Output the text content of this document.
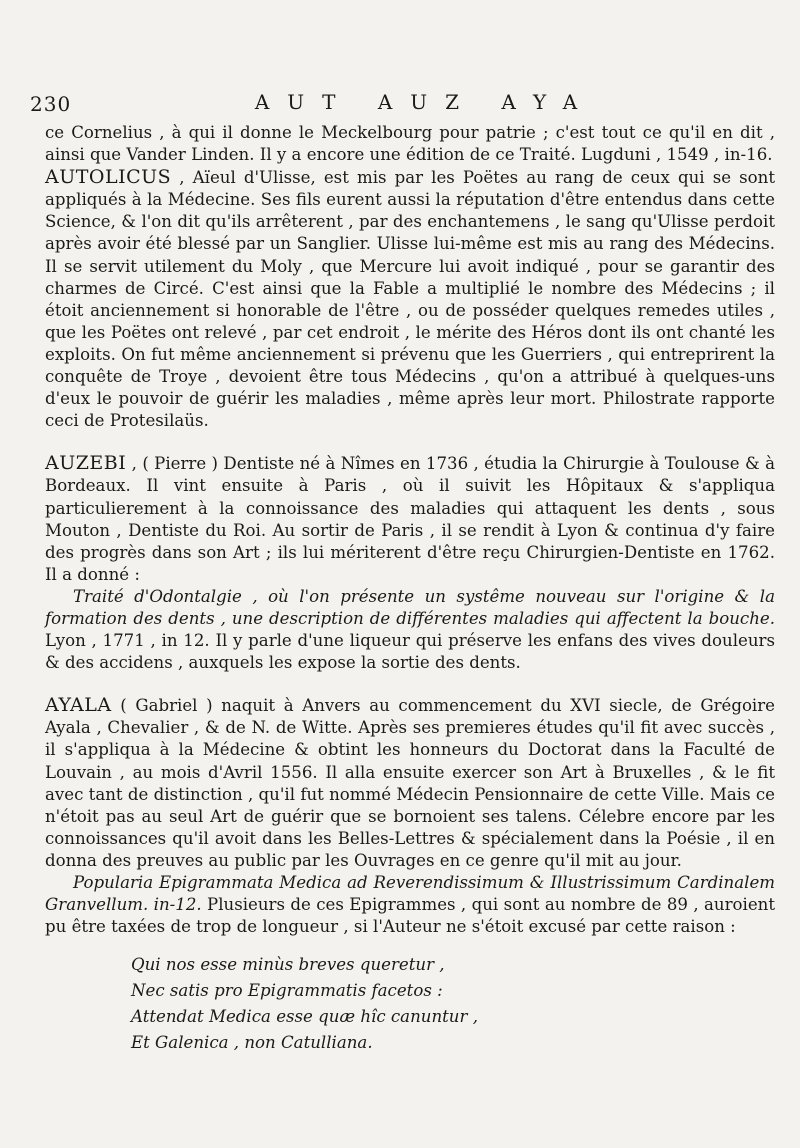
230	AUT AUZ AYA

ce Cornelius , à qui il donne le Meckelbourg pour patrie ; c'est tout ce qu'il en dit , ainsi que Vander Linden. Il y a encore une édition de ce Traité. Lugduni , 1549 , in-16.

AUTOLICUS , Aïeul d'Ulisse, est mis par les Poëtes au rang de ceux qui se sont appliqués à la Médecine. Ses fils eurent aussi la réputation d'être entendus dans cette Science, & l'on dit qu'ils arrêterent , par des enchantemens , le sang qu'Ulisse perdoit après avoir été blessé par un Sanglier. Ulisse lui-même est mis au rang des Médecins. Il se servit utilement du Moly , que Mercure lui avoit indiqué , pour se garantir des charmes de Circé. C'est ainsi que la Fable a multiplié le nombre des Médecins ; il étoit anciennement si honorable de l'être , ou de posséder quelques remedes utiles , que les Poëtes ont relevé , par cet endroit , le mérite des Héros dont ils ont chanté les exploits. On fut même anciennement si prévenu que les Guerriers , qui entreprirent la conquête de Troye , devoient être tous Médecins , qu'on a attribué à quelques-uns d'eux le pouvoir de guérir les maladies , même après leur mort. Philostrate rapporte ceci de Protesilaüs.

AUZEBI , ( Pierre ) Dentiste né à Nîmes en 1736 , étudia la Chirurgie à Toulouse & à Bordeaux. Il vint ensuite à Paris , où il suivit les Hôpitaux & s'appliqua particulierement à la connoissance des maladies qui attaquent les dents , sous Mouton , Dentiste du Roi. Au sortir de Paris , il se rendit à Lyon & continua d'y faire des progrès dans son Art ; ils lui mériterent d'être reçu Chirurgien-Dentiste en 1762. Il a donné :

Traité d'Odontalgie , où l'on présente un systême nouveau sur l'origine & la formation des dents , une description de différentes maladies qui affectent la bouche. Lyon , 1771 , in 12. Il y parle d'une liqueur qui préserve les enfans des vives douleurs & des accidens , auxquels les expose la sortie des dents.

AYALA ( Gabriel ) naquit à Anvers au commencement du XVI siecle, de Grégoire Ayala , Chevalier , & de N. de Witte. Après ses premieres études qu'il fit avec succès , il s'appliqua à la Médecine & obtint les honneurs du Doctorat dans la Faculté de Louvain , au mois d'Avril 1556. Il alla ensuite exercer son Art à Bruxelles , & le fit avec tant de distinction , qu'il fut nommé Médecin Pensionnaire de cette Ville. Mais ce n'étoit pas au seul Art de guérir que se bornoient ses talens. Célebre encore par les connoissances qu'il avoit dans les Belles-Lettres & spécialement dans la Poésie , il en donna des preuves au public par les Ouvrages en ce genre qu'il mit au jour.

Popularia Epigrammata Medica ad Reverendissimum & Illustrissimum Cardinalem Granvellum. in-12. Plusieurs de ces Epigrammes , qui sont au nombre de 89 , auroient pu être taxées de trop de longueur , si l'Auteur ne s'étoit excusé par cette raison :

Qui nos esse minùs breves queretur ,
Nec satis pro Epigrammatis facetos :
Attendat Medica esse quæ hîc canuntur ,
Et Galenica , non Catulliana.
